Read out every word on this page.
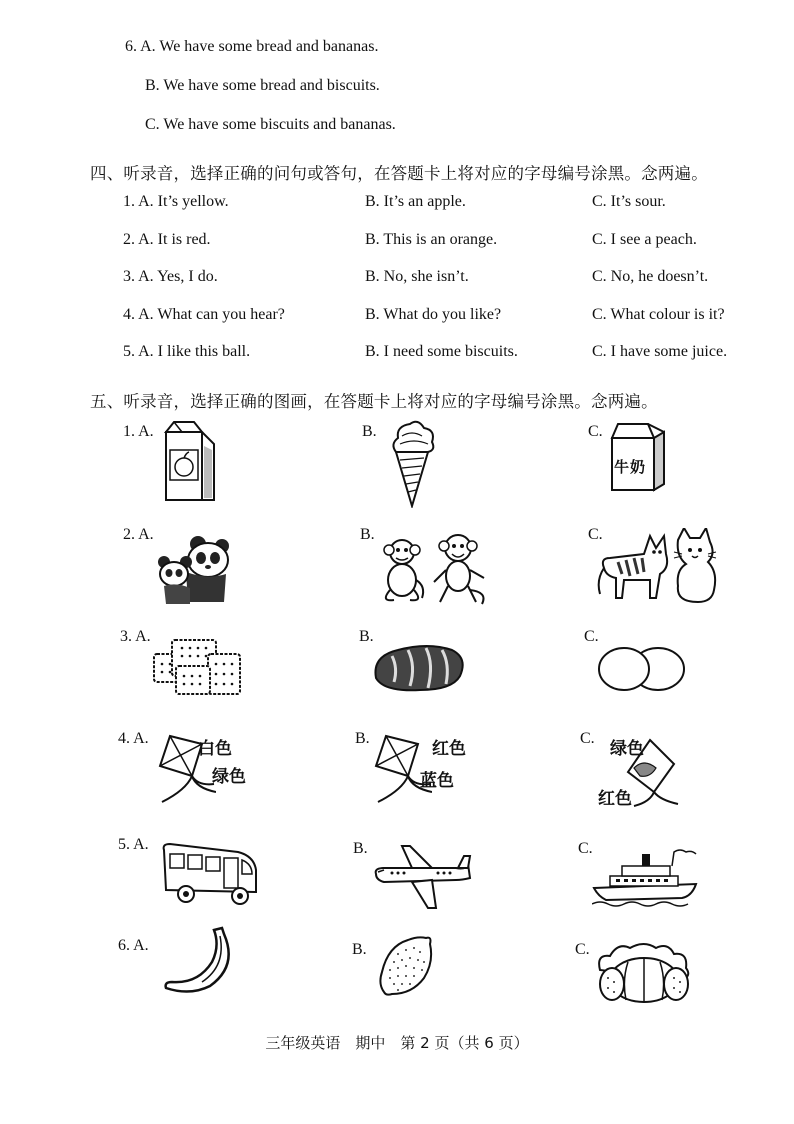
6. A. We have some bread and bananas.
B. We have some bread and biscuits.
C. We have some biscuits and bananas.
四、听录音，选择正确的问句或答句，在答题卡上将对应的字母编号涂黑。念两遍。
1. A. It’s yellow.	B. It’s an apple.	C. It’s sour.
2. A. It is red.	B. This is an orange.	C. I see a peach.
3. A. Yes, I do.	B. No, she isn’t.	C. No, he doesn’t.
4. A. What can you hear?	B. What do you like?	C. What colour is it?
5. A. I like this ball.	B. I need some biscuits.	C. I have some juice.
五、听录音，选择正确的图画，在答题卡上将对应的字母编号涂黑。念两遍。
1. A.	B.	C.
牛奶
2. A.	B.	C.
3. A.	B.	C.
4. A.	B.	C.
白色
绿色
红色
蓝色
绿色
红色
5. A.	B.	C.
6. A.	B.	C.
三年级英语　期中　第 2 页（共 6 页）
